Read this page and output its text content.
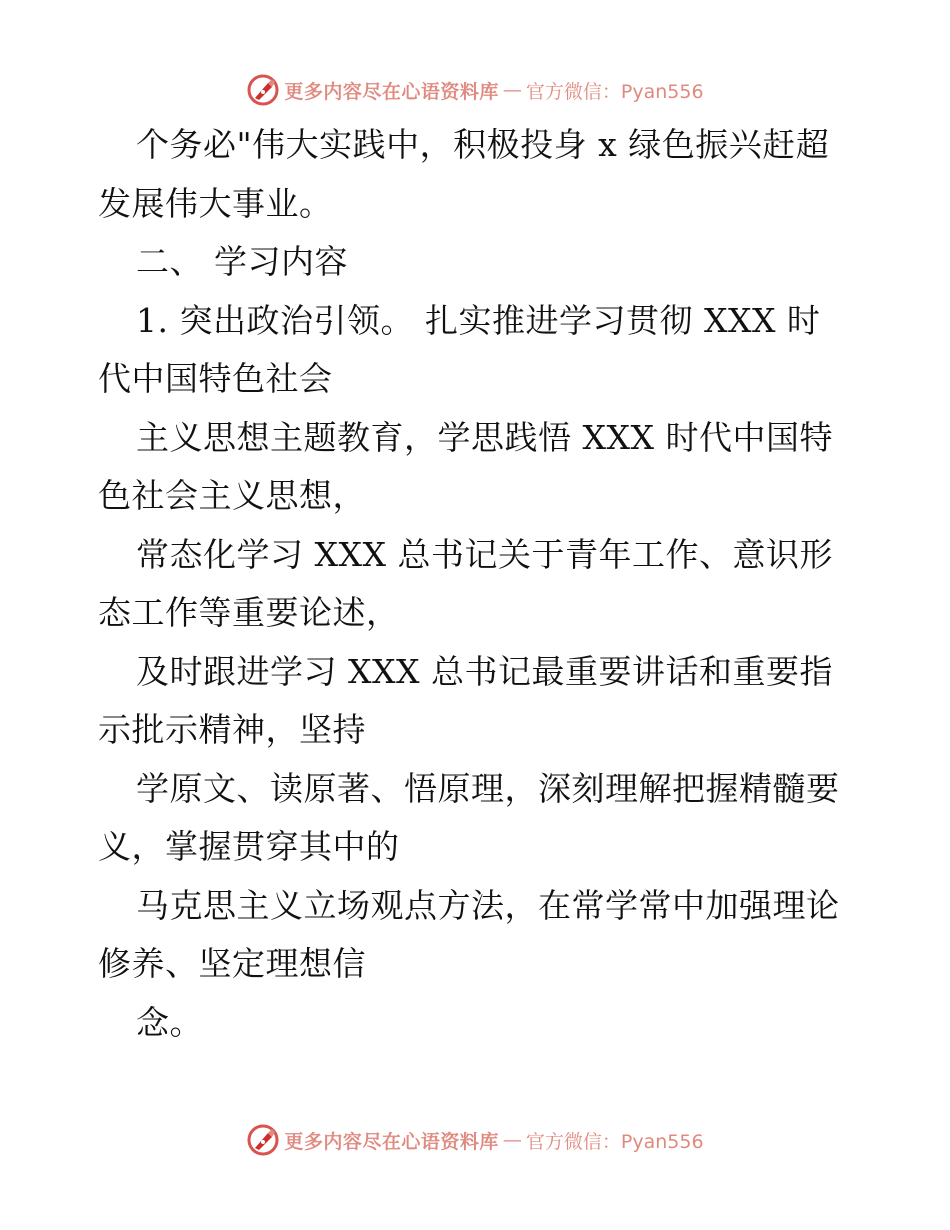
更多内容尽在心语资料库 — 官方微信：Pyan556
个务必"伟大实践中，积极投身 x 绿色振兴赶超
发展伟大事业。
二、 学习内容
1. 突出政治引领。 扎实推进学习贯彻 XXX 时
代中国特色社会
主义思想主题教育，学思践悟 XXX 时代中国特
色社会主义思想，
常态化学习 XXX 总书记关于青年工作、意识形
态工作等重要论述，
及时跟进学习 XXX 总书记最重要讲话和重要指
示批示精神，坚持
学原文、读原著、悟原理，深刻理解把握精髓要
义，掌握贯穿其中的
马克思主义立场观点方法，在常学常中加强理论
修养、坚定理想信
念。
更多内容尽在心语资料库 — 官方微信：Pyan556
